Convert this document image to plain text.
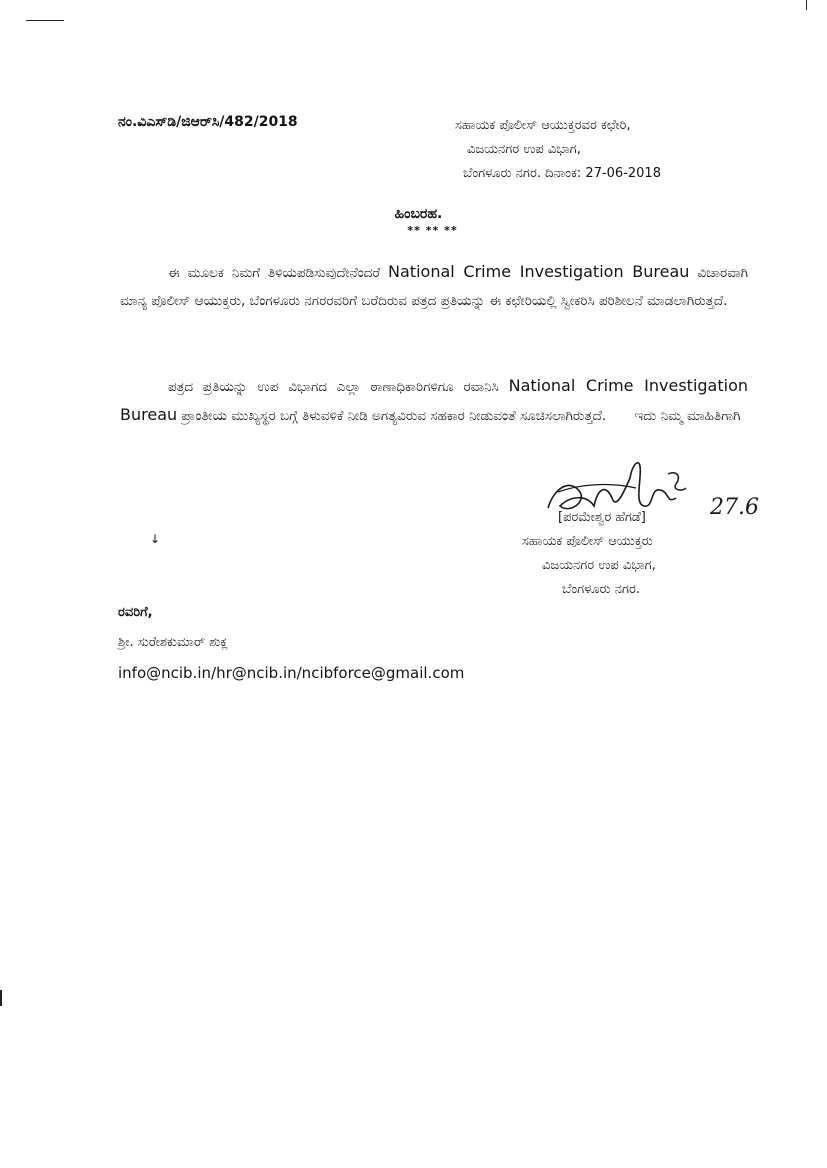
ನಂ.ವಿಎಸ್‌ಡಿ/ಜಿಆರ್‌ಸಿ/482/2018	ಸಹಾಯಕ ಪೊಲೀಸ್ ಆಯುಕ್ತರವರ ಕಛೇರಿ,
ವಿಜಯನಗರ ಉಪ ವಿಭಾಗ,
ಬೆಂಗಳೂರು ನಗರ. ದಿನಾಂಕ: 27-06-2018
ಹಿಂಬರಹ.
** ** **
ಈ ಮೂಲಕ ನಿಮಗೆ ತಿಳಿಯಪಡಿಸುವುದೇನೆಂದರೆ National Crime Investigation Bureau ವಿಚಾರವಾಗಿ ಮಾನ್ಯ ಪೊಲೀಸ್ ಆಯುಕ್ತರು, ಬೆಂಗಳೂರು ನಗರರವರಿಗೆ ಬರೆದಿರುವ ಪತ್ರದ ಪ್ರತಿಯನ್ನು ಈ ಕಛೇರಿಯಲ್ಲಿ ಸ್ವೀಕರಿಸಿ ಪರಿಶೀಲನೆ ಮಾಡಲಾಗಿರುತ್ತದೆ.
ಪತ್ರದ ಪ್ರತಿಯನ್ನು ಉಪ ವಿಭಾಗದ ಎಲ್ಲಾ ಠಾಣಾಧಿಕಾರಿಗಳಿಗೂ ರವಾನಿಸಿ National Crime Investigation Bureau ಪ್ರಾಂತೀಯ ಮುಖ್ಯಸ್ಥರ ಬಗ್ಗೆ ತಿಳುವಳಿಕೆ ನೀಡಿ ಅಗತ್ಯವಿರುವ ಸಹಕಾರ ನೀಡುವಂತೆ ಸೂಚಿಸಲಾಗಿರುತ್ತದೆ. ಇದು ನಿಮ್ಮ ಮಾಹಿತಿಗಾಗಿ
27.6
[ಪರಮೇಶ್ವರ ಹೆಗಡೆ]
ಸಹಾಯಕ ಪೊಲೀಸ್ ಆಯುಕ್ತರು
ವಿಜಯನಗರ ಉಪ ವಿಭಾಗ,
ಬೆಂಗಳೂರು ನಗರ.
↓
ರವರಿಗೆ,
ಶ್ರೀ. ಸುರೇಶಕುಮಾರ್ ಶುಕ್ಲ
info@ncib.in/hr@ncib.in/ncibforce@gmail.com
